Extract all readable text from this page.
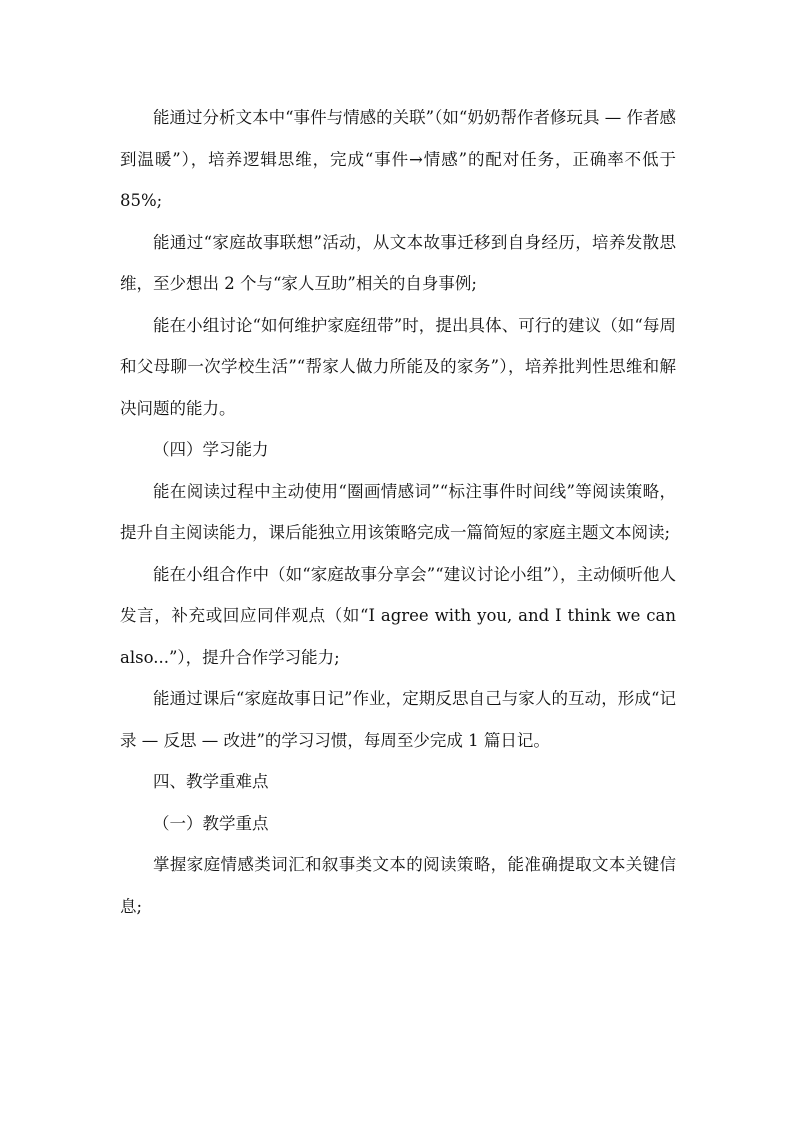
能通过分析文本中“事件与情感的关联”（如“奶奶帮作者修玩具 — 作者感到温暖”），培养逻辑思维，完成“事件→情感”的配对任务，正确率不低于 85%;

能通过“家庭故事联想”活动，从文本故事迁移到自身经历，培养发散思维，至少想出 2 个与“家人互助”相关的自身事例;

能在小组讨论“如何维护家庭纽带”时，提出具体、可行的建议（如“每周和父母聊一次学校生活”“帮家人做力所能及的家务”），培养批判性思维和解决问题的能力。

（四）学习能力

能在阅读过程中主动使用“圈画情感词”“标注事件时间线”等阅读策略，提升自主阅读能力，课后能独立用该策略完成一篇简短的家庭主题文本阅读;

能在小组合作中（如“家庭故事分享会”“建议讨论小组”），主动倾听他人发言，补充或回应同伴观点（如“I agree with you, and I think we can also...”），提升合作学习能力;

能通过课后“家庭故事日记”作业，定期反思自己与家人的互动，形成“记录 — 反思 — 改进”的学习习惯，每周至少完成 1 篇日记。

四、教学重难点

（一）教学重点

掌握家庭情感类词汇和叙事类文本的阅读策略，能准确提取文本关键信息;
